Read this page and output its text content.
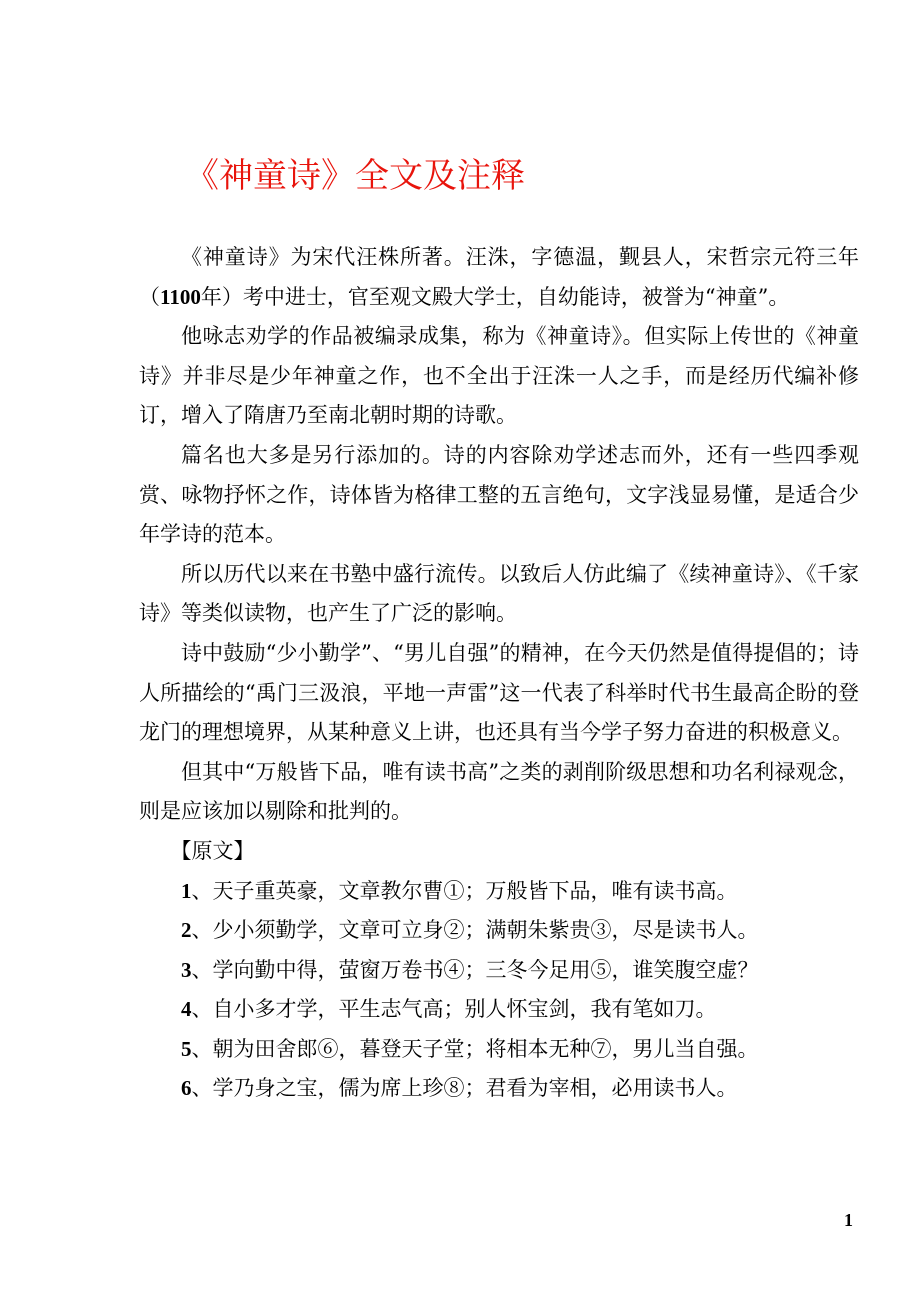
《神童诗》全文及注释

《神童诗》为宋代汪株所著。汪洙，字德温，觐县人，宋哲宗元符三年（1100年）考中进士，官至观文殿大学士，自幼能诗，被誉为“神童”。

他咏志劝学的作品被编录成集，称为《神童诗》。但实际上传世的《神童诗》并非尽是少年神童之作，也不全出于汪洙一人之手，而是经历代编补修订，增入了隋唐乃至南北朝时期的诗歌。

篇名也大多是另行添加的。诗的内容除劝学述志而外，还有一些四季观赏、咏物抒怀之作，诗体皆为格律工整的五言绝句，文字浅显易懂，是适合少年学诗的范本。

所以历代以来在书塾中盛行流传。以致后人仿此编了《续神童诗》、《千家诗》等类似读物，也产生了广泛的影响。

诗中鼓励“少小勤学”、“男儿自强”的精神，在今天仍然是值得提倡的；诗人所描绘的“禹门三汲浪，平地一声雷”这一代表了科举时代书生最高企盼的登龙门的理想境界，从某种意义上讲，也还具有当今学子努力奋进的积极意义。

但其中“万般皆下品，唯有读书高”之类的剥削阶级思想和功名利禄观念，则是应该加以剔除和批判的。

【原文】

1、天子重英豪，文章教尔曹①；万般皆下品，唯有读书高。

2、少小须勤学，文章可立身②；满朝朱紫贵③，尽是读书人。

3、学向勤中得，萤窗万卷书④；三冬今足用⑤，谁笑腹空虚？

4、自小多才学，平生志气高；别人怀宝剑，我有笔如刀。

5、朝为田舍郎⑥，暮登天子堂；将相本无种⑦，男儿当自强。

6、学乃身之宝，儒为席上珍⑧；君看为宰相，必用读书人。

1
